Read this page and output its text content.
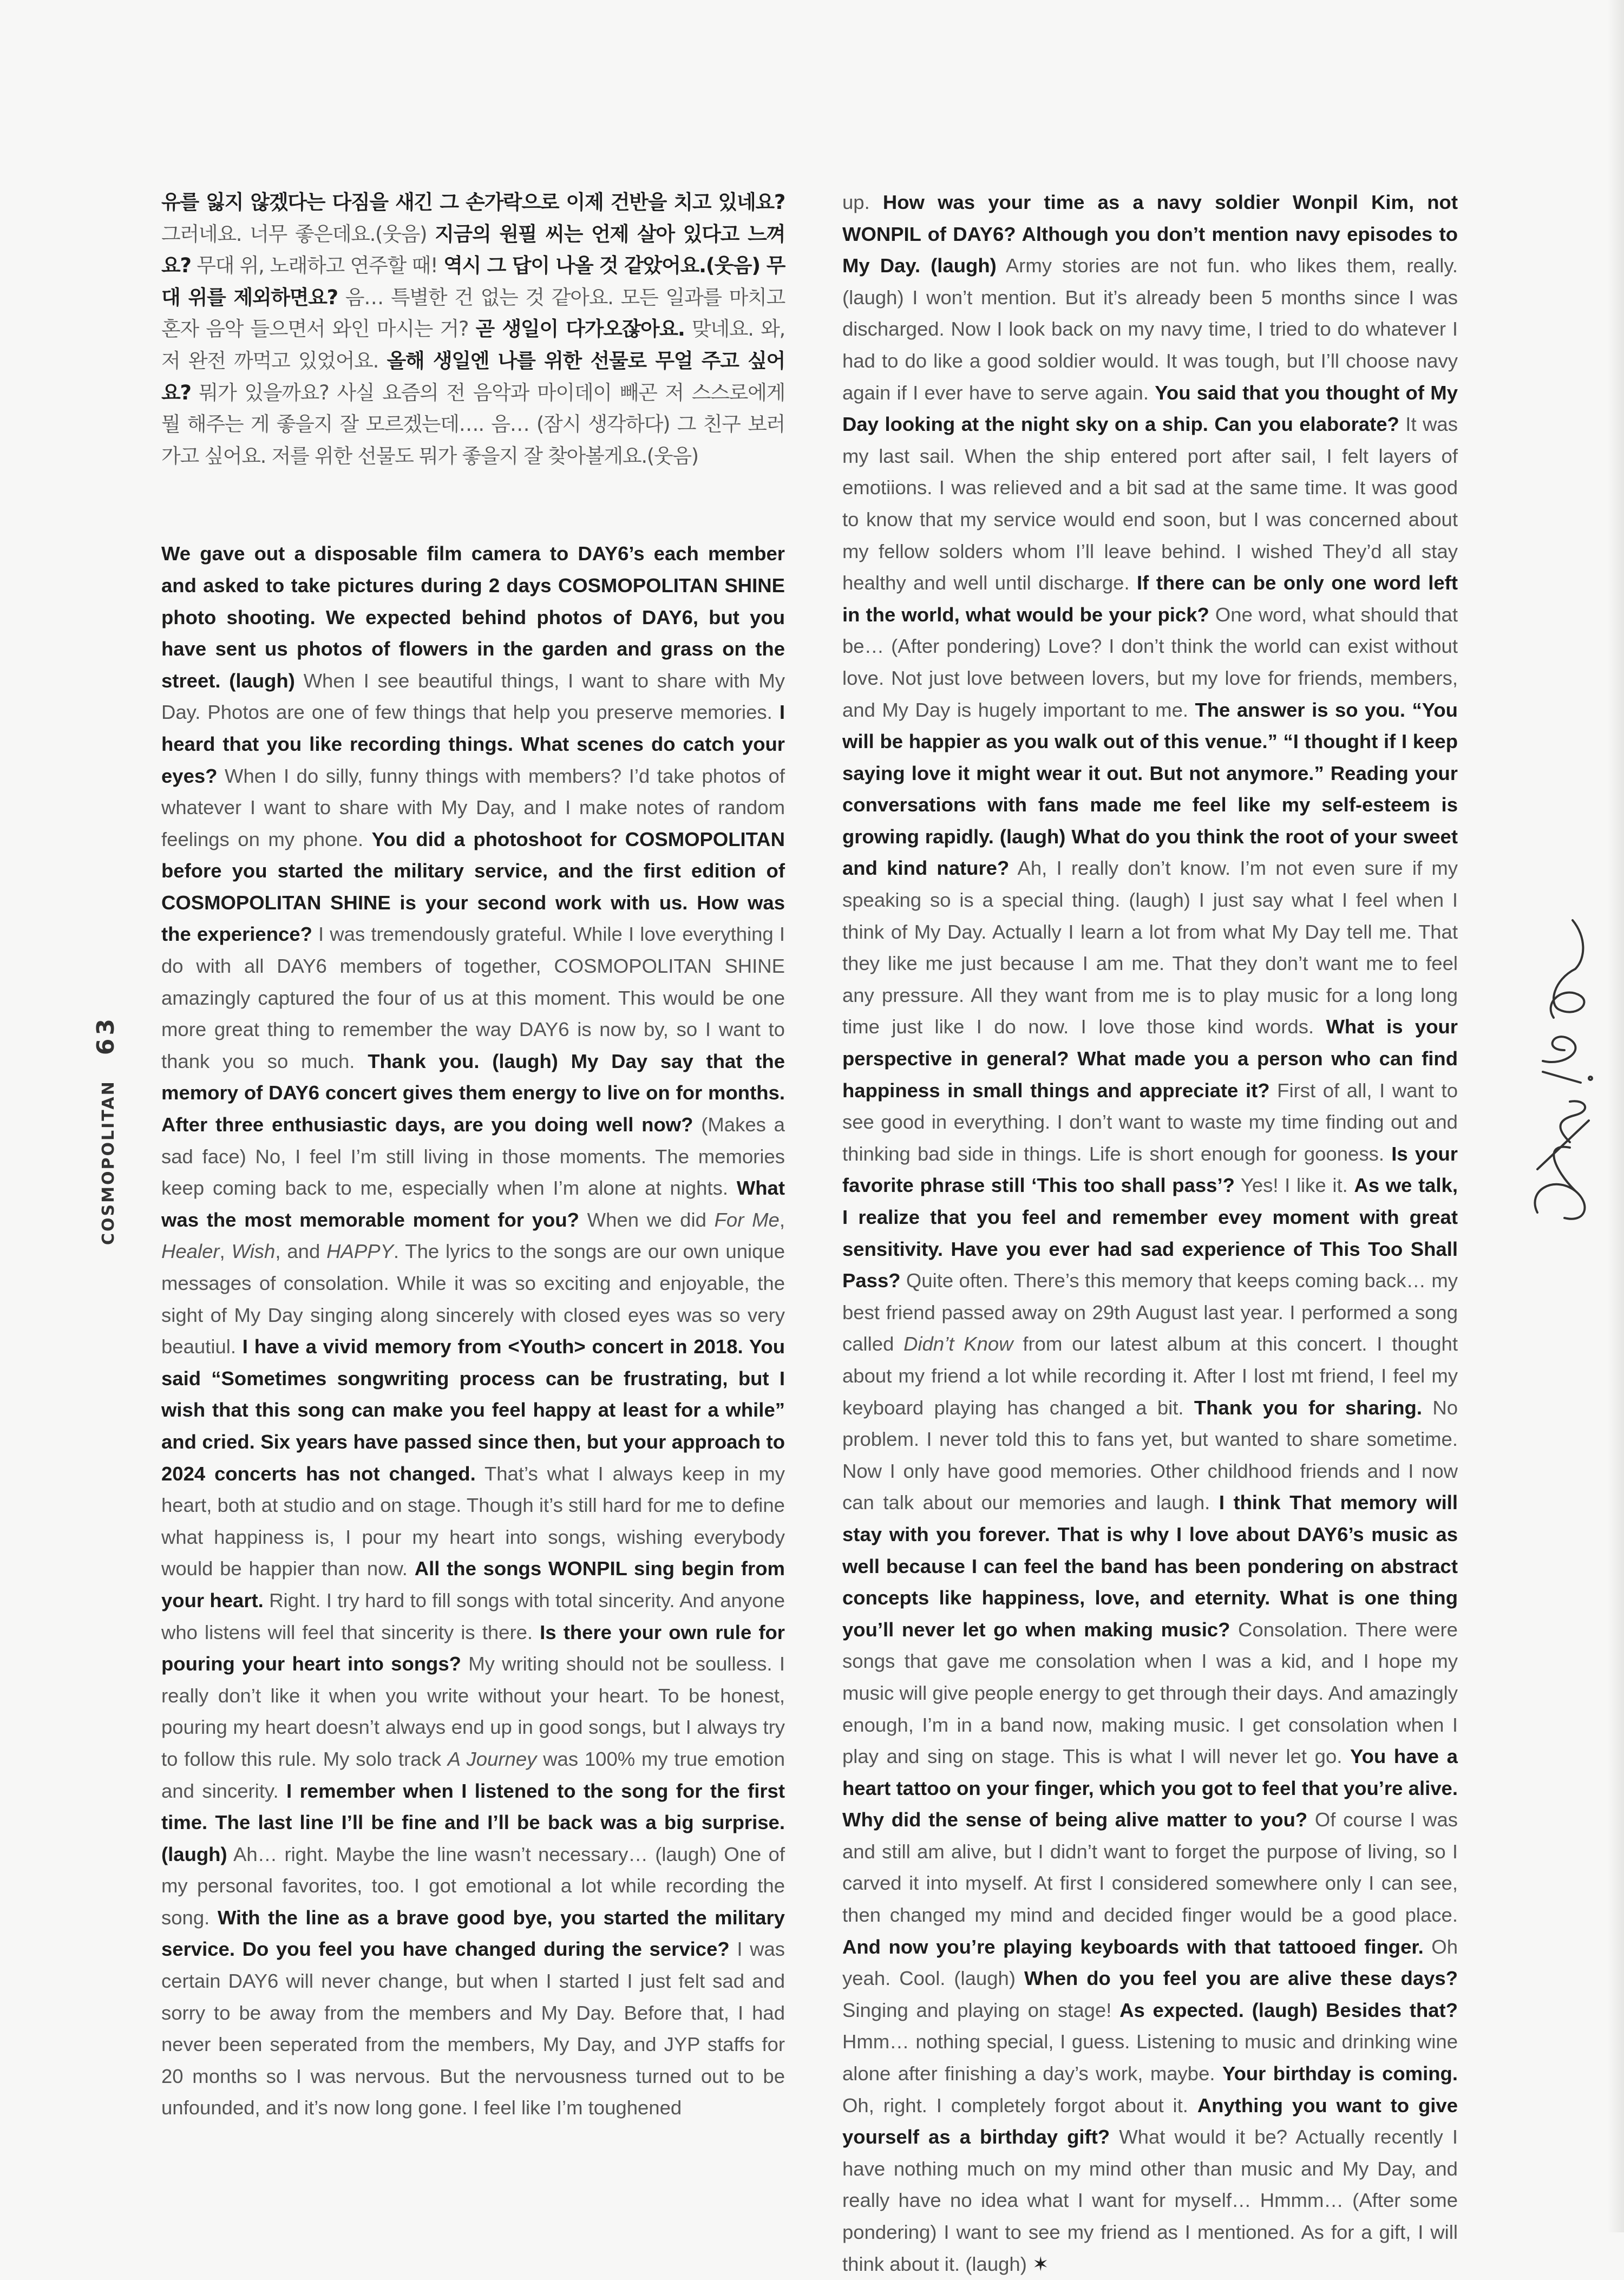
COSMOPOLITAN63

유를 잃지 않겠다는 다짐을 새긴 그 손가락으로 이제 건반을 치고 있네요? 그러네요. 너무 좋은데요.(웃음) 지금의 원필 씨는 언제 살아 있다고 느껴요? 무대 위, 노래하고 연주할 때! 역시 그 답이 나올 것 같았어요.(웃음) 무대 위를 제외하면요? 음… 특별한 건 없는 것 같아요. 모든 일과를 마치고 혼자 음악 들으면서 와인 마시는 거? 곧 생일이 다가오잖아요. 맞네요. 와, 저 완전 까먹고 있었어요. 올해 생일엔 나를 위한 선물로 무얼 주고 싶어요? 뭐가 있을까요? 사실 요즘의 전 음악과 마이데이 빼곤 저 스스로에게 뭘 해주는 게 좋을지 잘 모르겠는데…. 음… (잠시 생각하다) 그 친구 보러 가고 싶어요. 저를 위한 선물도 뭐가 좋을지 잘 찾아볼게요.(웃음)

We gave out a disposable film camera to DAY6’s each member and asked to take pictures during 2 days COSMOPOLITAN SHINE photo shooting. We expected behind photos of DAY6, but you have sent us photos of flowers in the garden and grass on the street. (laugh) When I see beautiful things, I want to share with My Day. Photos are one of few things that help you preserve memories. I heard that you like recording things. What scenes do catch your eyes? When I do silly, funny things with members? I’d take photos of whatever I want to share with My Day, and I make notes of random feelings on my phone. You did a photoshoot for COSMOPOLITAN before you started the military service, and the first edition of COSMOPOLITAN SHINE is your second work with us. How was the experience? I was tremendously grateful. While I love everything I do with all DAY6 members of together, COSMOPOLITAN SHINE amazingly captured the four of us at this moment. This would be one more great thing to remember the way DAY6 is now by, so I want to thank you so much. Thank you. (laugh) My Day say that the memory of DAY6 concert gives them energy to live on for months. After three enthusiastic days, are you doing well now? (Makes a sad face) No, I feel I’m still living in those moments. The memories keep coming back to me, especially when I’m alone at nights. What was the most memorable moment for you? When we did For Me, Healer, Wish, and HAPPY. The lyrics to the songs are our own unique messages of consolation. While it was so exciting and enjoyable, the sight of My Day singing along sincerely with closed eyes was so very beautiul. I have a vivid memory from <Youth> concert in 2018. You said “Sometimes songwriting process can be frustrating, but I wish that this song can make you feel happy at least for a while” and cried. Six years have passed since then, but your approach to 2024 concerts has not changed. That’s what I always keep in my heart, both at studio and on stage. Though it’s still hard for me to define what happiness is, I pour my heart into songs, wishing everybody would be happier than now. All the songs WONPIL sing begin from your heart. Right. I try hard to fill songs with total sincerity. And anyone who listens will feel that sincerity is there. Is there your own rule for pouring your heart into songs? My writing should not be soulless. I really don’t like it when you write without your heart. To be honest, pouring my heart doesn’t always end up in good songs, but I always try to follow this rule. My solo track A Journey was 100% my true emotion and sincerity. I remember when I listened to the song for the first time. The last line I’ll be fine and I’ll be back was a big surprise. (laugh) Ah… right. Maybe the line wasn’t necessary… (laugh) One of my personal favorites, too. I got emotional a lot while recording the song. With the line as a brave good bye, you started the military service. Do you feel you have changed during the service? I was certain DAY6 will never change, but when I started I just felt sad and sorry to be away from the members and My Day. Before that, I had never been seperated from the members, My Day, and JYP staffs for 20 months so I was nervous. But the nervousness turned out to be unfounded, and it’s now long gone. I feel like I’m toughened

up. How was your time as a navy soldier Wonpil Kim, not WONPIL of DAY6? Although you don’t mention navy episodes to My Day. (laugh) Army stories are not fun. who likes them, really. (laugh) I won’t mention. But it’s already been 5 months since I was discharged. Now I look back on my navy time, I tried to do whatever I had to do like a good soldier would. It was tough, but I’ll choose navy again if I ever have to serve again. You said that you thought of My Day looking at the night sky on a ship. Can you elaborate? It was my last sail. When the ship entered port after sail, I felt layers of emotiions. I was relieved and a bit sad at the same time. It was good to know that my service would end soon, but I was concerned about my fellow solders whom I’ll leave behind. I wished They’d all stay healthy and well until discharge. If there can be only one word left in the world, what would be your pick? One word, what should that be… (After pondering) Love? I don’t think the world can exist without love. Not just love between lovers, but my love for friends, members, and My Day is hugely important to me. The answer is so you. “You will be happier as you walk out of this venue.” “I thought if I keep saying love it might wear it out. But not anymore.” Reading your conversations with fans made me feel like my self-esteem is growing rapidly. (laugh) What do you think the root of your sweet and kind nature? Ah, I really don’t know. I’m not even sure if my speaking so is a special thing. (laugh) I just say what I feel when I think of My Day. Actually I learn a lot from what My Day tell me. That they like me just because I am me. That they don’t want me to feel any pressure. All they want from me is to play music for a long long time just like I do now. I love those kind words. What is your perspective in general? What made you a person who can find happiness in small things and appreciate it? First of all, I want to see good in everything. I don’t want to waste my time finding out and thinking bad side in things. Life is short enough for gooness. Is your favorite phrase still ‘This too shall pass’? Yes! I like it. As we talk, I realize that you feel and remember evey moment with great sensitivity. Have you ever had sad experience of This Too Shall Pass? Quite often. There’s this memory that keeps coming back… my best friend passed away on 29th August last year. I performed a song called Didn’t Know from our latest album at this concert. I thought about my friend a lot while recording it. After I lost mt friend, I feel my keyboard playing has changed a bit. Thank you for sharing. No problem. I never told this to fans yet, but wanted to share sometime. Now I only have good memories. Other childhood friends and I now can talk about our memories and laugh. I think That memory will stay with you forever. That is why I love about DAY6’s music as well because I can feel the band has been pondering on abstract concepts like happiness, love, and eternity. What is one thing you’ll never let go when making music? Consolation. There were songs that gave me consolation when I was a kid, and I hope my music will give people energy to get through their days. And amazingly enough, I’m in a band now, making music. I get consolation when I play and sing on stage. This is what I will never let go. You have a heart tattoo on your finger, which you got to feel that you’re alive. Why did the sense of being alive matter to you? Of course I was and still am alive, but I didn’t want to forget the purpose of living, so I carved it into myself. At first I considered somewhere only I can see, then changed my mind and decided finger would be a good place. And now you’re playing keyboards with that tattooed finger. Oh yeah. Cool. (laugh) When do you feel you are alive these days? Singing and playing on stage! As expected. (laugh) Besides that? Hmm… nothing special, I guess. Listening to music and drinking wine alone after finishing a day’s work, maybe. Your birthday is coming. Oh, right. I completely forgot about it. Anything you want to give yourself as a birthday gift? What would it be? Actually recently I have nothing much on my mind other than music and My Day, and really have no idea what I want for myself… Hmmm… (After some pondering) I want to see my friend as I mentioned. As for a gift, I will think about it. (laugh) ✶
